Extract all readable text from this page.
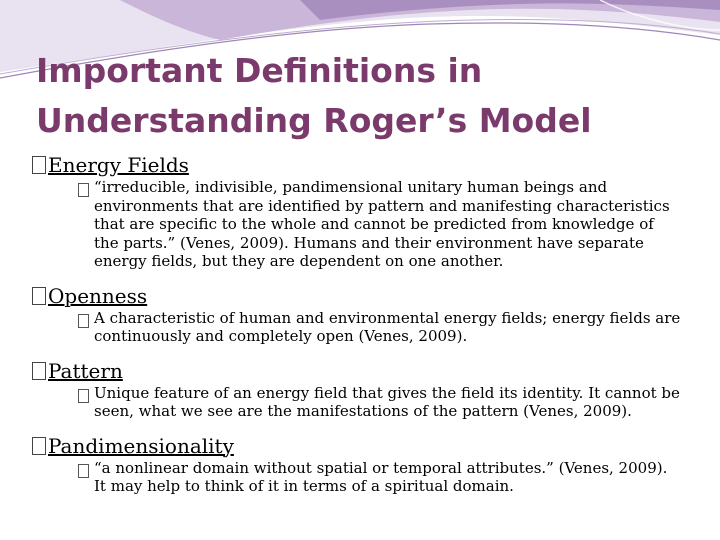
Important Definitions in
Understanding Roger’s Model
Energy Fields
“irreducible, indivisible, pandimensional unitary human beings and environments that are identified by pattern and manifesting characteristics that are specific to the whole and cannot be predicted from knowledge of the parts.” (Venes, 2009). Humans and their environment have separate energy fields, but they are dependent on one another.
Openness
A characteristic of human and environmental energy fields; energy fields are continuously and completely open (Venes, 2009).
Pattern
Unique feature of an energy field that gives the field its identity. It cannot be seen, what we see are the manifestations of the pattern (Venes, 2009).
Pandimensionality
“a nonlinear domain without spatial or temporal attributes.” (Venes, 2009). It may help to think of it in terms of a spiritual domain.
